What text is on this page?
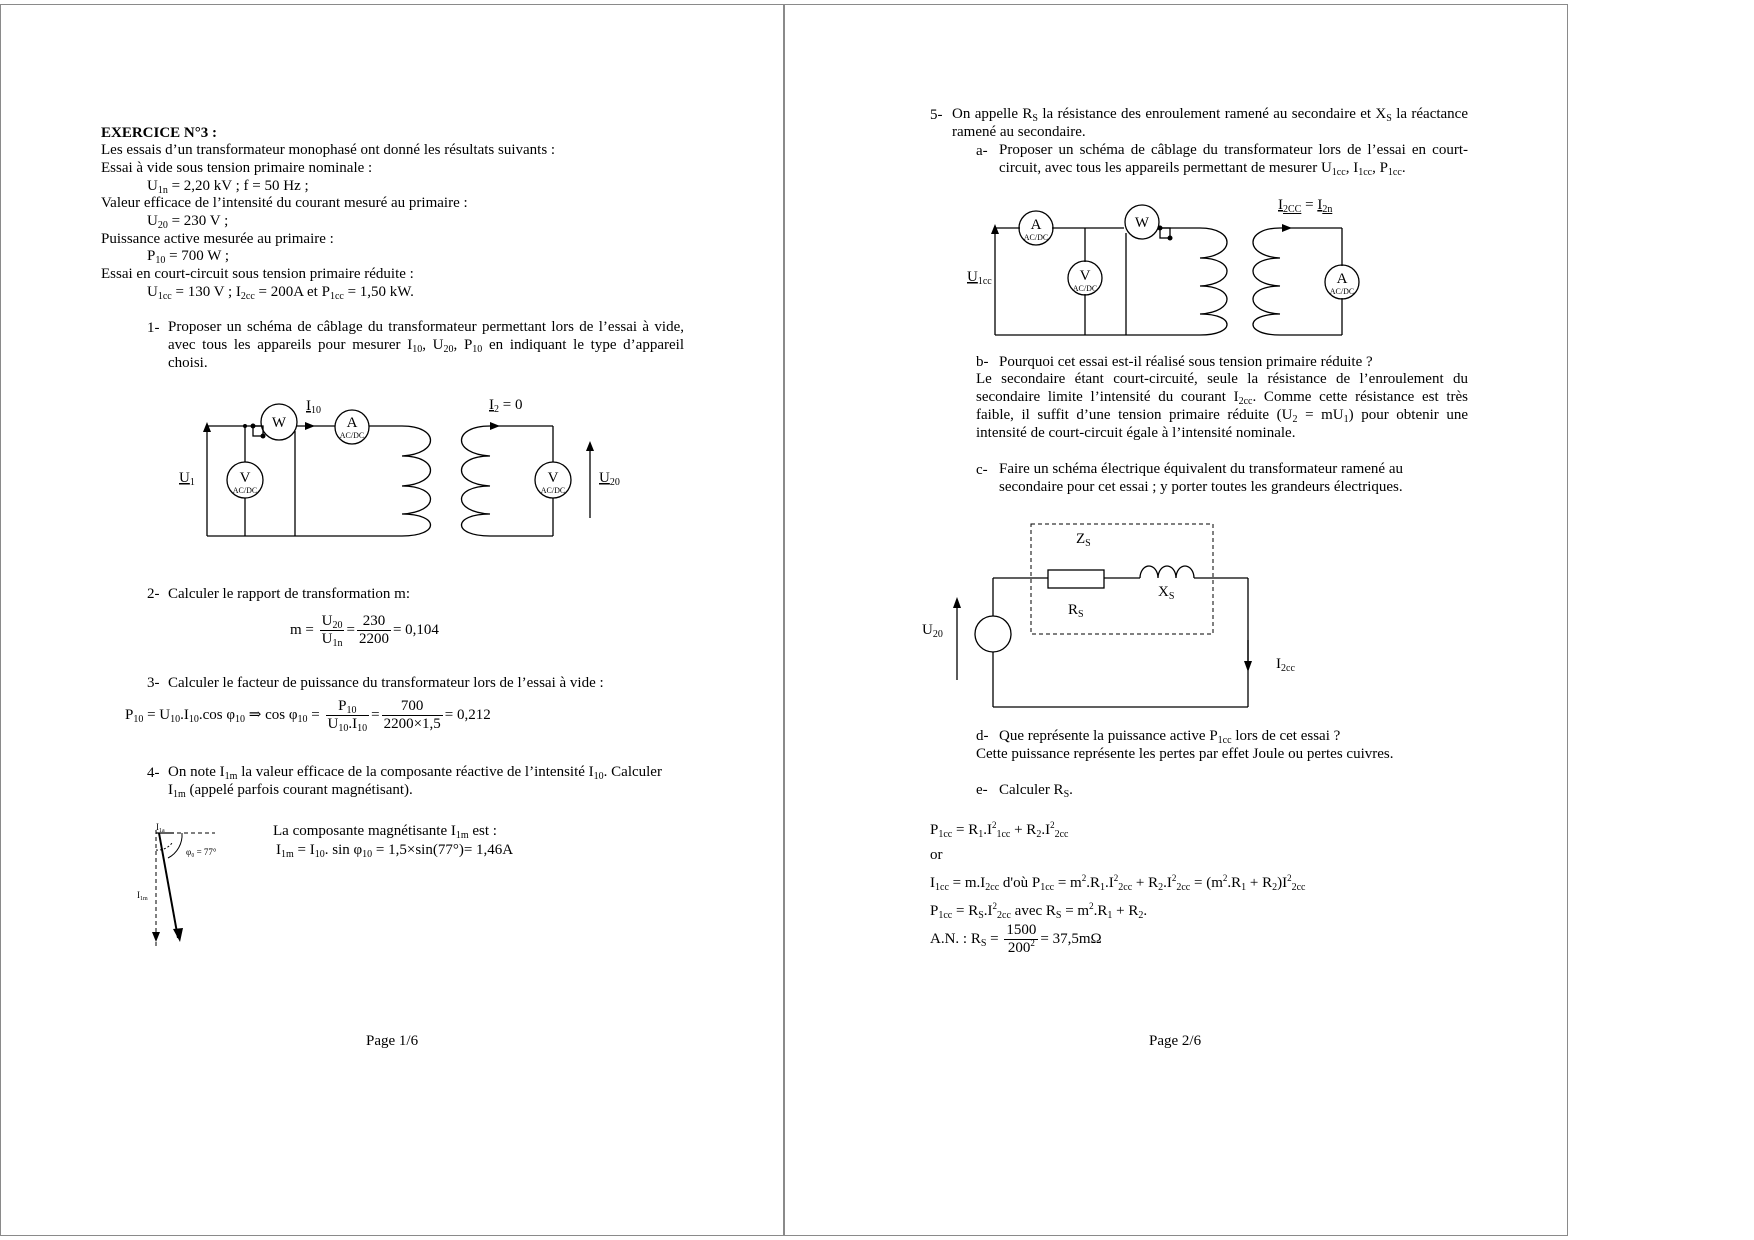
EXERCICE N°3 :
Les essais d’un transformateur monophasé ont donné les résultats suivants :
Essai à vide sous tension primaire nominale :
$U_{1n} = 2,20$ kV ; f = 50 Hz ;
Valeur efficace de l’intensité du courant mesuré au primaire :
$U_{20} = 230$ V ;
Puissance active mesurée au primaire :
$P_{10} = 700$ W ;
Essai en court-circuit sous tension primaire réduite :
$U_{1cc} = 130$ V ; $I_{2cc} = 200A$ et $P_{1cc} = 1,50$ kW.
1- Proposer un schéma de câblage du transformateur permettant lors de l’essai à vide, avec tous les appareils pour mesurer $I_{10}$, $U_{20}$, $P_{10}$ en indiquant le type d’appareil choisi.
W	A
V	V
AC/DC
AC/DC	AC/DC
$I_{10}$	$I_2 = 0$
$U_1$	$U_{20}$
2- Calculer le rapport de transformation m:
$m = \frac{U_{20}}{U_{1n}} = \frac{230}{2200} = 0,104$
3- Calculer le facteur de puissance du transformateur lors de l’essai à vide :
$P_{10} = U_{10}.I_{10}.\cos$ $\varphi_{10}$ ⇒ $\cos \varphi_{10} = \frac{P_{10}}{U_{10}.I_{10}} = \frac{700}{2200\times 1,5} = 0,212$
4- On note $I_{1m}$ la valeur efficace de la composante réactive de l’intensité $I_{10}$. Calculer
$I_{1m}$ (appelé parfois courant magnétisant).
φ₀ = 77°
$I_{1a}$
$I_{1m}$
La composante magnétisante $I_{1m}$ est :
$I_{1m} = I_{10}$. $\sin \varphi_{10} = 1,5\times\sin(77^\circ)= 1,46A$
Page 1/6
5- On appelle $R_S$ la résistance des enroulement ramené au secondaire et $X_S$ la réactance ramené au secondaire.
a- Proposer un schéma de câblage du transformateur lors de l’essai en court-circuit, avec tous les appareils permettant de mesurer $U_{1cc}$, $I_{1cc}$, $P_{1cc}$.
A	W
V	A
AC/DC
AC/DC	AC/DC
$U_{1cc}$
$I_{2CC} = I_{2n}$
b- Pourquoi cet essai est-il réalisé sous tension primaire réduite ?
Le secondaire étant court-circuité, seule la résistance de l’enroulement du secondaire limite l’intensité du courant $I_{2cc}$. Comme cette résistance est très faible, il suffit d’une tension primaire réduite $(U_2 = mU_1)$ pour obtenir une intensité de court-circuit égale à l’intensité nominale.
c- Faire un schéma électrique équivalent du transformateur ramené au secondaire pour cet essai ; y porter toutes les grandeurs électriques.
$Z_S$
$R_S$
$X_S$
$U_{20}$
$I_{2cc}$
d- Que représente la puissance active $P_{1cc}$ lors de cet essai ?
Cette puissance représente les pertes par effet Joule ou pertes cuivres.
e- Calculer $R_S$.
$P_{1cc} = R_1.I^2_{1cc} + R_2.I^2_{2cc}$
or
$I_{1cc} = m.I_{2cc}$ d'où $P_{1cc} = m^2.R_1.I^2_{2cc} + R_2.I^2_{2cc} = (m^2.R_1 + R_2)I^2_{2cc}$
$P_{1cc} = R_S.I^2_{2cc}$ avec $R_S = m^2.R_1 + R_2$.
A.N. : $R_S = \frac{1500}{200^2} = 37,5m\Omega$
Page 2/6
